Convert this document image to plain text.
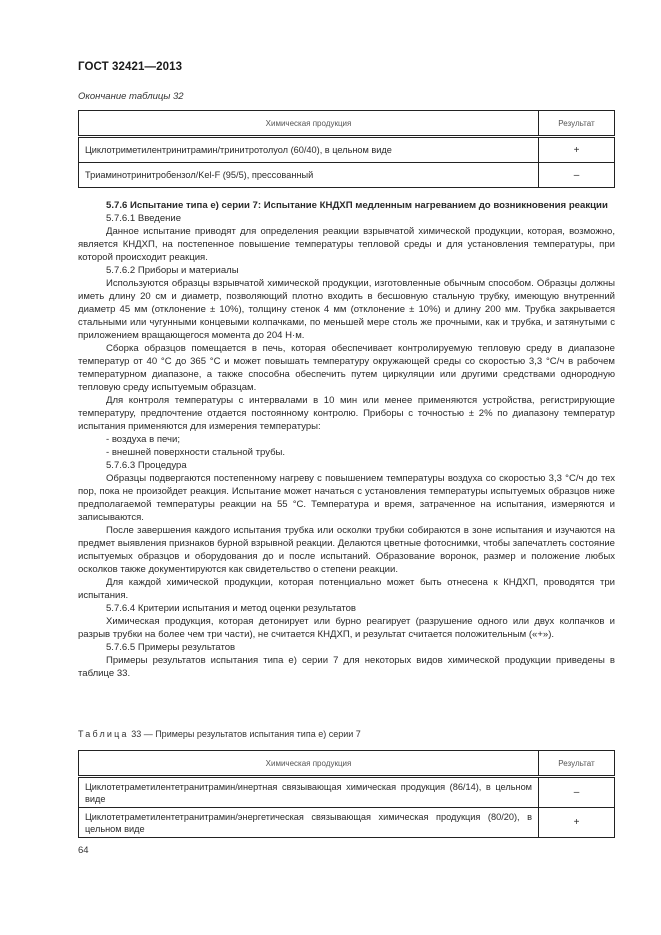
ГОСТ 32421—2013
Окончание таблицы 32
Химическая продукция	Результат
Циклотриметилентринитрамин/тринитротолуол (60/40), в цельном виде	+
Триаминотринитробензол/Kel-F (95/5), прессованный	–

5.7.6 Испытание типа е) серии 7: Испытание КНДХП медленным нагреванием до возникновения реакции

5.7.6.1 Введение

Данное испытание приводят для определения реакции взрывчатой химической продукции, которая, возможно, является КНДХП, на постепенное повышение температуры тепловой среды и для установления температуры, при которой происходит реакция.

5.7.6.2 Приборы и материалы

Используются образцы взрывчатой химической продукции, изготовленные обычным способом. Образцы должны иметь длину 20 см и диаметр, позволяющий плотно входить в бесшовную стальную трубку, имеющую внутренний диаметр 45 мм (отклонение ± 10%), толщину стенок 4 мм (отклонение ± 10%) и длину 200 мм. Трубка закрывается стальными или чугунными концевыми колпачками, по меньшей мере столь же прочными, как и трубка, и затянутыми с приложением вращающегося момента до 204 Н·м.

Сборка образцов помещается в печь, которая обеспечивает контролируемую тепловую среду в диапазоне температур от 40 °С до 365 °С и может повышать температуру окружающей среды со скоростью 3,3 °С/ч в рабочем температурном диапазоне, а также способна обеспечить путем циркуляции или другими средствами однородную тепловую среду испытуемым образцам.

Для контроля температуры с интервалами в 10 мин или менее применяются устройства, регистрирующие температуру, предпочтение отдается постоянному контролю. Приборы с точностью ± 2% по диапазону температур испытания применяются для измерения температуры:

- воздуха в печи;

- внешней поверхности стальной трубы.

5.7.6.3 Процедура

Образцы подвергаются постепенному нагреву с повышением температуры воздуха со скоростью 3,3 °С/ч до тех пор, пока не произойдет реакция. Испытание может начаться с установления температуры испытуемых образцов ниже предполагаемой температуры реакции на 55 °С. Температура и время, затраченное на испытания, измеряются и записываются.

После завершения каждого испытания трубка или осколки трубки собираются в зоне испытания и изучаются на предмет выявления признаков бурной взрывной реакции. Делаются цветные фотоснимки, чтобы запечатлеть состояние испытуемых образцов и оборудования до и после испытаний. Образование воронок, размер и положение любых осколков также документируются как свидетельство о степени реакции.

Для каждой химической продукции, которая потенциально может быть отнесена к КНДХП, проводятся три испытания.

5.7.6.4 Критерии испытания и метод оценки результатов

Химическая продукция, которая детонирует или бурно реагирует (разрушение одного или двух колпачков и разрыв трубки на более чем три части), не считается КНДХП, и результат считается положительным («+»).

5.7.6.5 Примеры результатов

Примеры результатов испытания типа е) серии 7 для некоторых видов химической продукции приведены в таблице 33.

Таблица 33 — Примеры результатов испытания типа е) серии 7
Химическая продукция	Результат
Циклотетраметилентетранитрамин/инертная связывающая химическая продукция (86/14), в цельном виде	–
Циклотетраметилентетранитрамин/энергетическая связывающая химическая продукция (80/20), в цельном виде	+
64
